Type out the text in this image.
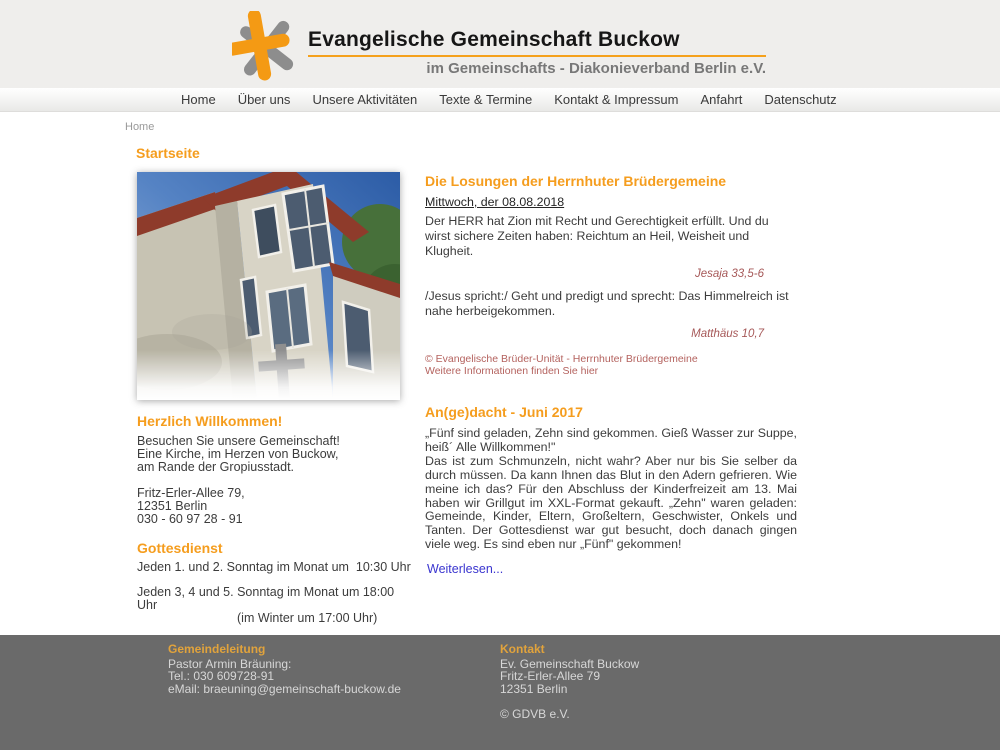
Evangelische Gemeinschaft Buckow
im Gemeinschafts - Diakonieverband Berlin e.V.
Home Über uns Unsere Aktivitäten Texte & Termine Kontakt & Impressum Anfahrt Datenschutz
Home
Startseite
Herzlich Willkommen!
Besuchen Sie unsere Gemeinschaft!
Eine Kirche, im Herzen von Buckow,
am Rande der Gropiusstadt.
Fritz-Erler-Allee 79,
12351 Berlin
030 - 60 97 28 - 91
Gottesdienst
Jeden 1. und 2. Sonntag im Monat um  10:30 Uhr
Jeden 3, 4 und 5. Sonntag im Monat um 18:00 Uhr
(im Winter um 17:00 Uhr)
Die Losungen der Herrnhuter Brüdergemeine
Mittwoch, der 08.08.2018
Der HERR hat Zion mit Recht und Gerechtigkeit erfüllt. Und du wirst sichere Zeiten haben: Reichtum an Heil, Weisheit und Klugheit.
Jesaja 33,5-6
/Jesus spricht:/ Geht und predigt und sprecht: Das Himmelreich ist nahe herbeigekommen.
Matthäus 10,7
© Evangelische Brüder-Unität - Herrnhuter Brüdergemeine
Weitere Informationen finden Sie hier
An(ge)dacht - Juni 2017
„Fünf sind geladen, Zehn sind gekommen. Gieß Wasser zur Suppe, heiß´ Alle Willkommen!"
Das ist zum Schmunzeln, nicht wahr? Aber nur bis Sie selber da durch müssen. Da kann Ihnen das Blut in den Adern gefrieren. Wie meine ich das? Für den Abschluss der Kinderfreizeit am 13. Mai haben wir Grillgut im XXL-Format gekauft. „Zehn" waren geladen: Gemeinde, Kinder, Eltern, Großeltern, Geschwister, Onkels und Tanten. Der Gottesdienst war gut besucht, doch danach gingen viele weg. Es sind eben nur „Fünf" gekommen!
Weiterlesen...
Gemeindeleitung
Pastor Armin Bräuning:
Tel.: 030 609728-91
eMail: braeuning@gemeinschaft-buckow.de
Kontakt
Ev. Gemeinschaft Buckow
Fritz-Erler-Allee 79
12351 Berlin
© GDVB e.V.
